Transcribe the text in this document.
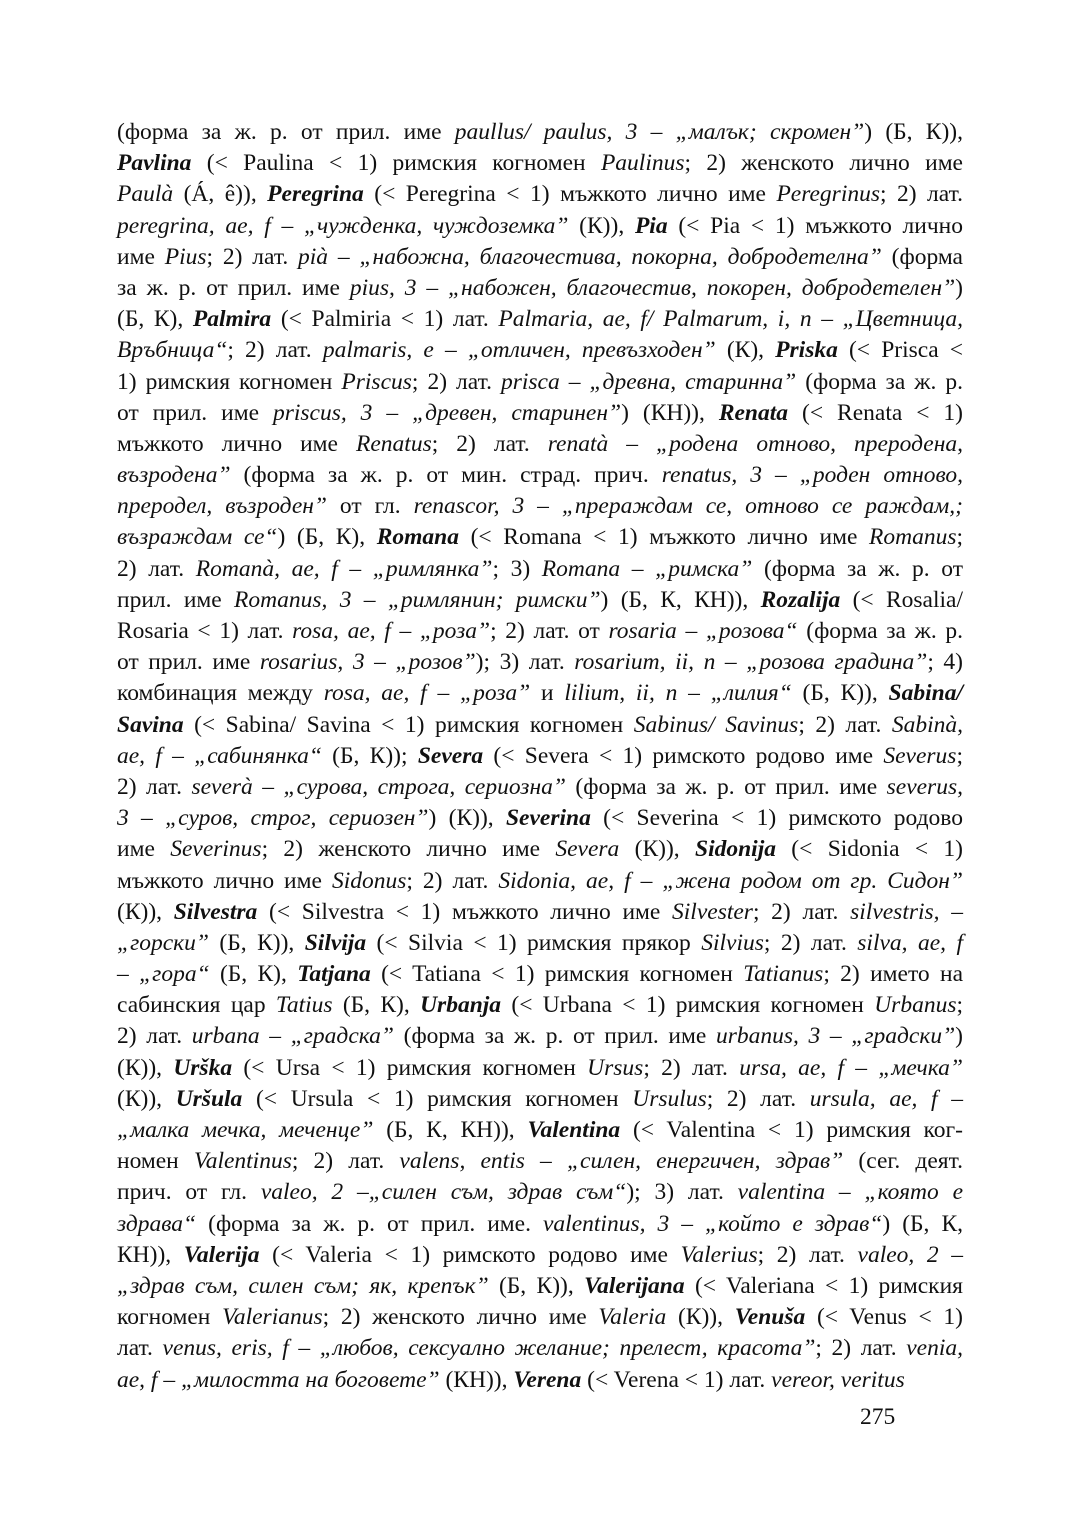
(форма за ж. р. от прил. име paullus/ paulus, 3 – „малък; скромен”) (Б, К)),
Pavlina (< Paulina < 1) римския когномен Paulinus; 2) женското лично име
Paulà (Á, ê)), Peregrina (< Peregrina < 1) мъжкото лично име Peregrinus; 2) лат.
peregrina, ae, f – „чужденка, чуждоземка” (К)), Pia (< Pia < 1) мъжкото лично
име Pius; 2) лат. pià – „набожна, благочестива, покорна, добродетелна” (форма
за ж. р. от прил. име pius, 3 – „набожен, благочестив, покорен, добродетелен”)
(Б, К), Palmira (< Palmiria < 1) лат. Palmaria, ae, f/ Palmarum, i, n – „Цветница,
Връбница“; 2) лат. palmaris, e – „отличен, превъзходен” (К), Priska (< Prisca <
1) римския когномен Priscus; 2) лат. prisca – „древна, старинна” (форма за ж. р.
от прил. име priscus, 3 – „древен, старинен”) (КН)), Renata (< Renata < 1)
мъжкото лично име Renatus; 2) лат. renatà – „родена отново, преродена,
възродена” (форма за ж. р. от мин. страд. прич. renatus, 3 – „роден отново,
преродел, възроден” от гл. renascor, 3 – „прераждам се, отново се раждам,;
възраждам се“) (Б, К), Romana (< Romana < 1) мъжкото лично име Romanus;
2) лат. Romanà, ae, f – „римлянка”; 3) Romana – „римска” (форма за ж. р. от
прил. име Romanus, 3 – „римлянин; римски”) (Б, К, КН)), Rozalija (< Rosalia/
Rosaria < 1) лат. rosa, ae, f – „роза”; 2) лат. от rosaria – „розова“ (форма за ж. р.
от прил. име rosarius, 3 – „розов”); 3) лат. rosarium, ii, n – „розова градина”; 4)
комбинация между rosa, ae, f – „роза” и lilium, ii, n – „лилия“ (Б, К)), Sabina/
Savina (< Sabina/ Savina < 1) римския когномен Sabinus/ Savinus; 2) лат. Sabinà,
ae, f – „сабинянка“ (Б, К)); Severa (< Severa < 1) римското родово име Severus;
2) лат. severà – „сурова, строга, сериозна” (форма за ж. р. от прил. име severus,
3 – „суров, строг, сериозен”) (К)), Severina (< Severina < 1) римското родово
име Severinus; 2) женското лично име Severa (К)), Sidonija (< Sidonia < 1)
мъжкото лично име Sidonus; 2) лат. Sidonia, ae, f – „жена родом от гр. Сидон”
(К)), Silvestra (< Silvestra < 1) мъжкото лично име Silvester; 2) лат. silvestris, –
„горски” (Б, К)), Silvija (< Silvia < 1) римския прякор Silvius; 2) лат. silva, ae, f
– „гора“ (Б, К), Tatjana (< Tatiana < 1) римския когномен Tatianus; 2) името на
сабинския цар Tatius (Б, К), Urbanja (< Urbana < 1) римския когномен Urbanus;
2) лат. urbana – „градска” (форма за ж. р. от прил. име urbanus, 3 – „градски”)
(К)), Urška (< Ursa < 1) римския когномен Ursus; 2) лат. ursa, ae, f – „мечка”
(К)), Uršula (< Ursula < 1) римския когномен Ursulus; 2) лат. ursula, ae, f –
„малка мечка, меченце” (Б, К, КН)), Valentina (< Valentina < 1) римския ког-
номен Valentinus; 2) лат. valens, entis – „силен, енергичен, здрав” (сег. деят.
прич. от гл. valeo, 2 –„силен съм, здрав съм“); 3) лат. valentina – „която е
здрава“ (форма за ж. р. от прил. име. valentinus, 3 – „който е здрав“) (Б, К,
КН)), Valerija (< Valeria < 1) римското родово име Valerius; 2) лат. valeo, 2 –
„здрав съм, силен съм; як, крепък” (Б, К)), Valerijana (< Valeriana < 1) римския
когномен Valerianus; 2) женското лично име Valeria (К)), Venuša (< Venus < 1)
лат. venus, eris, f – „любов, сексуално желание; прелест, красота”; 2) лат. venia,
ae, f – „милостта на боговете” (КН)), Verena (< Verena < 1) лат. vereor, veritus
275
